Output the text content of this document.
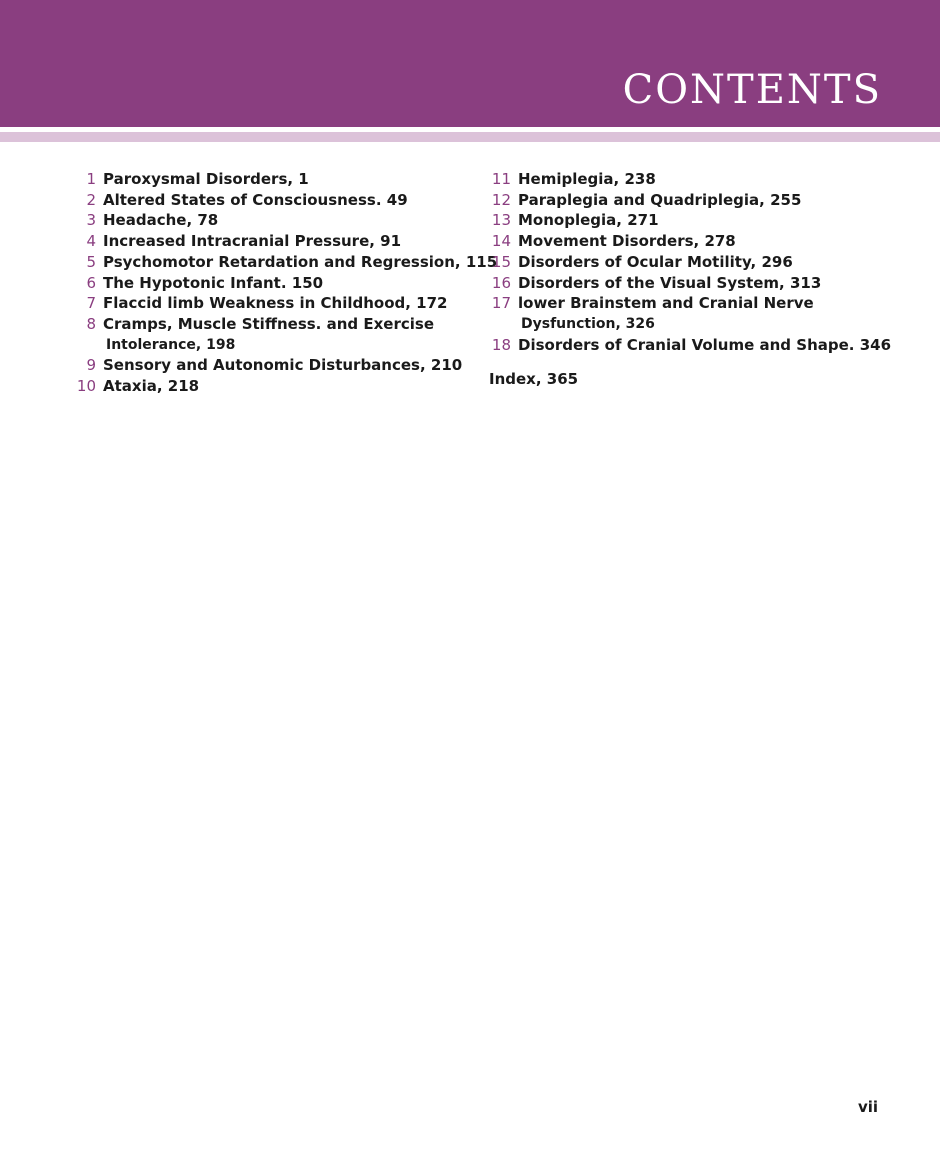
CONTENTS
1 Paroxysmal Disorders, 1
2 Altered States of Consciousness. 49
3 Headache, 78
4 Increased Intracranial Pressure, 91
5 Psychomotor Retardation and Regression, 115
6 The Hypotonic Infant. 150
7 Flaccid limb Weakness in Childhood, 172
8 Cramps, Muscle Stiffness. and Exercise
Intolerance, 198
9 Sensory and Autonomic Disturbances, 210
10 Ataxia, 218
11 Hemiplegia, 238
12 Paraplegia and Quadriplegia, 255
13 Monoplegia, 271
14 Movement Disorders, 278
15 Disorders of Ocular Motility, 296
16 Disorders of the Visual System, 313
17 lower Brainstem and Cranial Nerve
Dysfunction, 326
18 Disorders of Cranial Volume and Shape. 346
Index, 365
vii
